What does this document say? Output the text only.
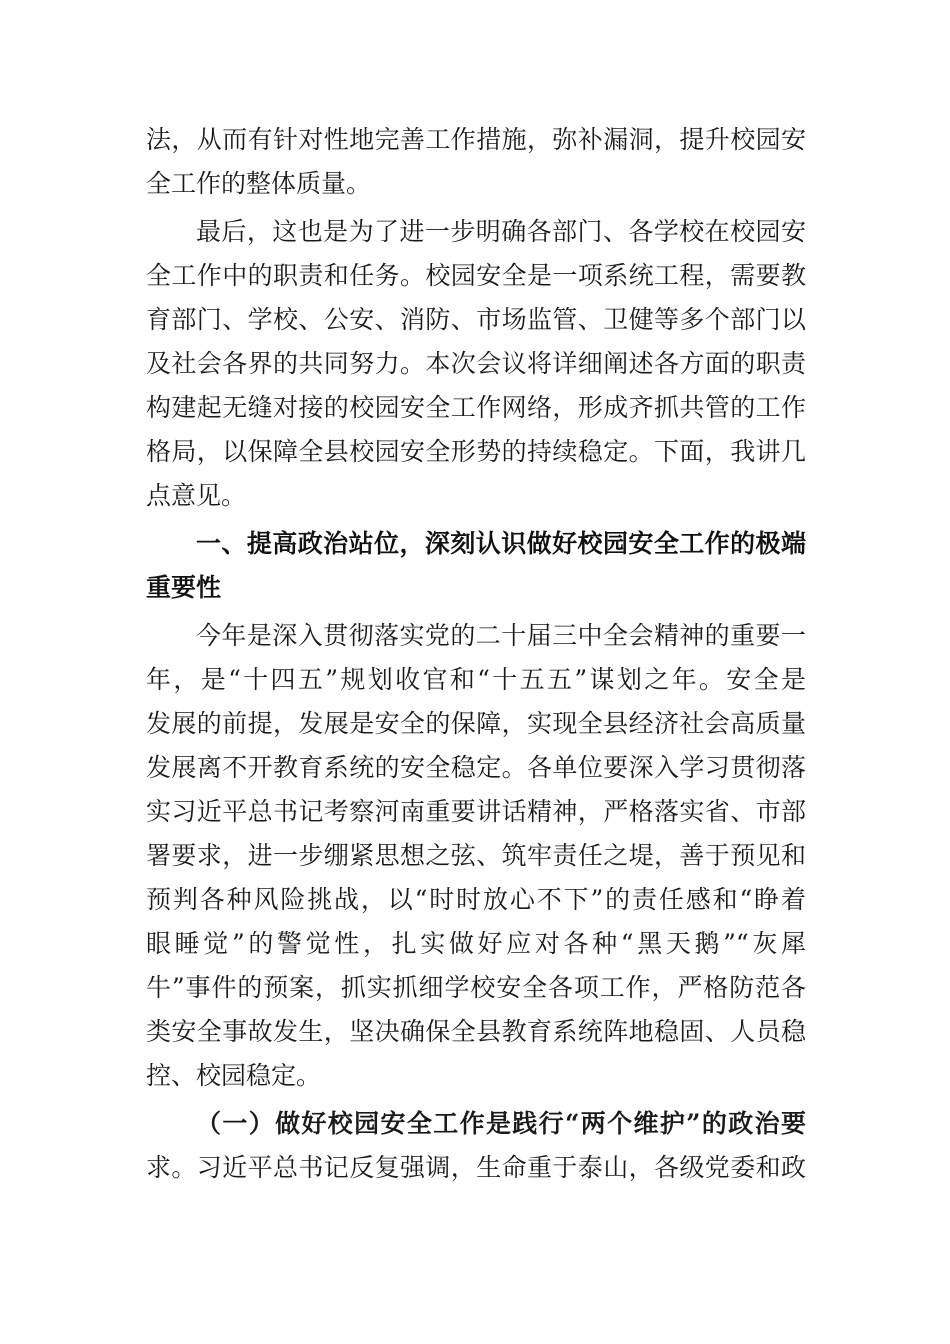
法，从而有针对性地完善工作措施，弥补漏洞，提升校园安
全工作的整体质量。
最后，这也是为了进一步明确各部门、各学校在校园安
全工作中的职责和任务。校园安全是一项系统工程，需要教
育部门、学校、公安、消防、市场监管、卫健等多个部门以
及社会各界的共同努力。本次会议将详细阐述各方面的职责
构建起无缝对接的校园安全工作网络，形成齐抓共管的工作
格局，以保障全县校园安全形势的持续稳定。下面，我讲几
点意见。
一、提高政治站位，深刻认识做好校园安全工作的极端
重要性
今年是深入贯彻落实党的二十届三中全会精神的重要一
年，是“十四五”规划收官和“十五五”谋划之年。安全是
发展的前提，发展是安全的保障，实现全县经济社会高质量
发展离不开教育系统的安全稳定。各单位要深入学习贯彻落
实习近平总书记考察河南重要讲话精神，严格落实省、市部
署要求，进一步绷紧思想之弦、筑牢责任之堤，善于预见和
预判各种风险挑战，以“时时放心不下”的责任感和“睁着
眼睡觉”的警觉性，扎实做好应对各种“黑天鹅”“灰犀
牛”事件的预案，抓实抓细学校安全各项工作，严格防范各
类安全事故发生，坚决确保全县教育系统阵地稳固、人员稳
控、校园稳定。
（一）做好校园安全工作是践行“两个维护”的政治要
求。习近平总书记反复强调，生命重于泰山，各级党委和政
